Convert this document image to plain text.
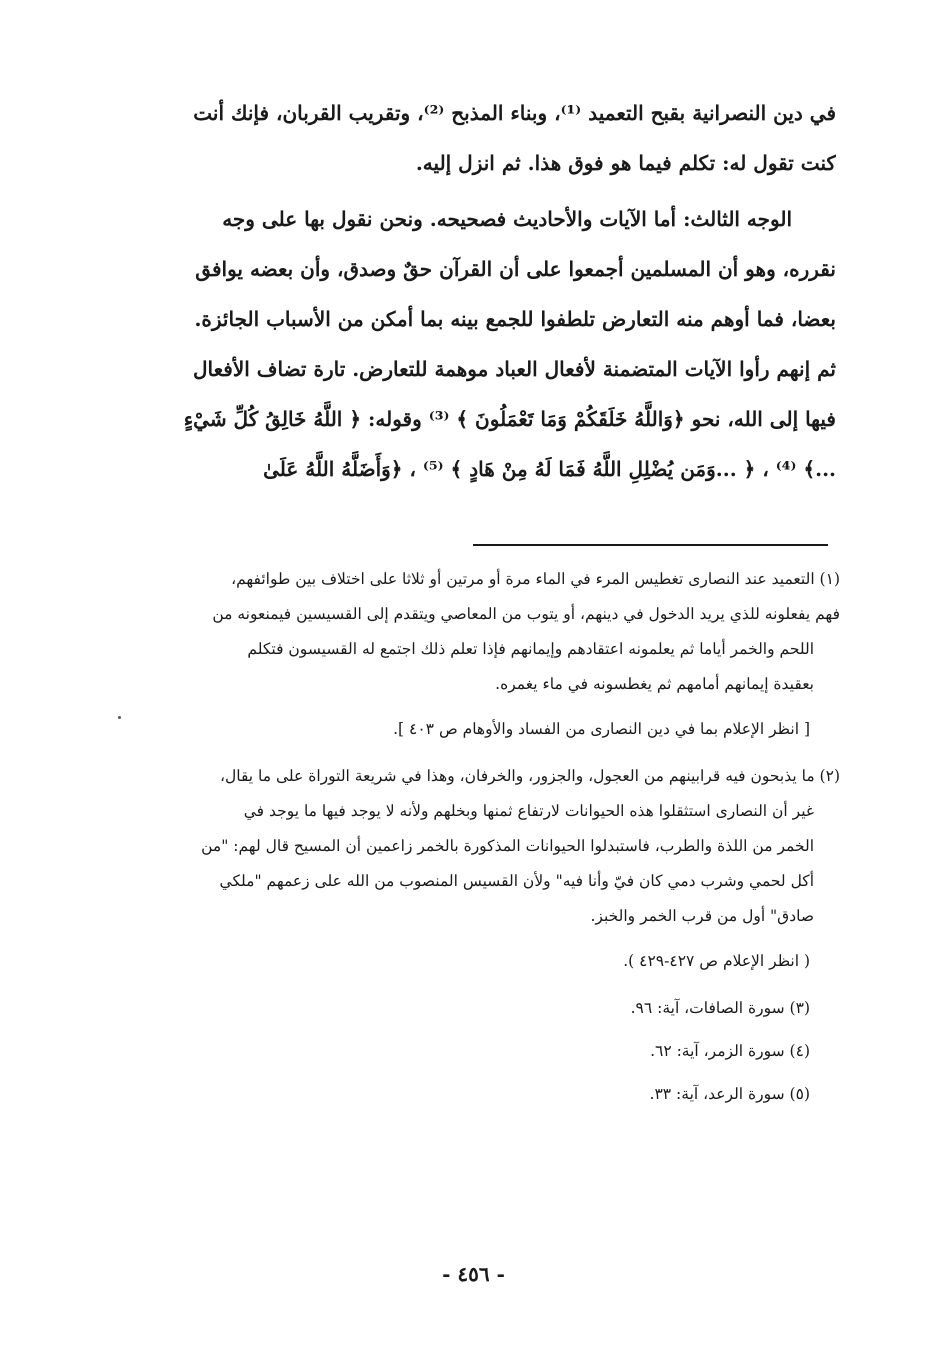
في دين النصرانية بقبح التعميد ⁽¹⁾، وبناء المذبح ⁽²⁾، وتقريب القربان، فإنك أنت
كنت تقول له: تكلم فيما هو فوق هذا. ثم انزل إليه.

الوجه الثالث: أما الآيات والأحاديث فصحيحه. ونحن نقول بها على وجه
نقرره، وهو أن المسلمين أجمعوا على أن القرآن حقٌ وصدق، وأن بعضه يوافق
بعضا، فما أوهم منه التعارض تلطفوا للجمع بينه بما أمكن من الأسباب الجائزة.
ثم إنهم رأوا الآيات المتضمنة لأفعال العباد موهمة للتعارض. تارة تضاف الأفعال
فيها إلى الله، نحو ﴿وَاللَّهُ خَلَقَكُمْ وَمَا تَعْمَلُونَ ﴾ ⁽³⁾ وقوله: ﴿ اللَّهُ خَالِقُ كُلِّ شَيْءٍ
...﴾ ⁽⁴⁾ ، ﴿ ...وَمَن يُضْلِلِ اللَّهُ فَمَا لَهُ مِنْ هَادٍ ﴾ ⁽⁵⁾ ، ﴿وَأَضَلَّهُ اللَّهُ عَلَىٰ

(١) التعميد عند النصارى تغطيس المرء في الماء مرة أو مرتين أو ثلاثا على اختلاف بين طوائفهم،
فهم يفعلونه للذي يريد الدخول في دينهم، أو يتوب من المعاصي ويتقدم إلى القسيسين فيمنعونه من
اللحم والخمر أياما ثم يعلمونه اعتقادهم وإيمانهم فإذا تعلم ذلك اجتمع له القسيسون فتكلم
بعقيدة إيمانهم أمامهم ثم يغطسونه في ماء يغمره.
[ انظر الإعلام بما في دين النصارى من الفساد والأوهام ص ٤٠٣ ].
(٢) ما يذبحون فيه قرابينهم من العجول، والجزور، والخرفان، وهذا في شريعة التوراة على ما يقال،
غير أن النصارى استثقلوا هذه الحيوانات لارتفاع ثمنها وبخلهم ولأنه لا يوجد فيها ما يوجد في
الخمر من اللذة والطرب، فاستبدلوا الحيوانات المذكورة بالخمر زاعمين أن المسيح قال لهم: "من
أكل لحمي وشرب دمي كان فيّ وأنا فيه" ولأن القسيس المنصوب من الله على زعمهم "ملكي
صادق" أول من قرب الخمر والخبز.
( انظر الإعلام ص ٤٢٧-٤٢٩ ).
(٣) سورة الصافات، آية: ٩٦.
(٤) سورة الزمر، آية: ٦٢.
(٥) سورة الرعد، آية: ٣٣.
- ٤٥٦ -
